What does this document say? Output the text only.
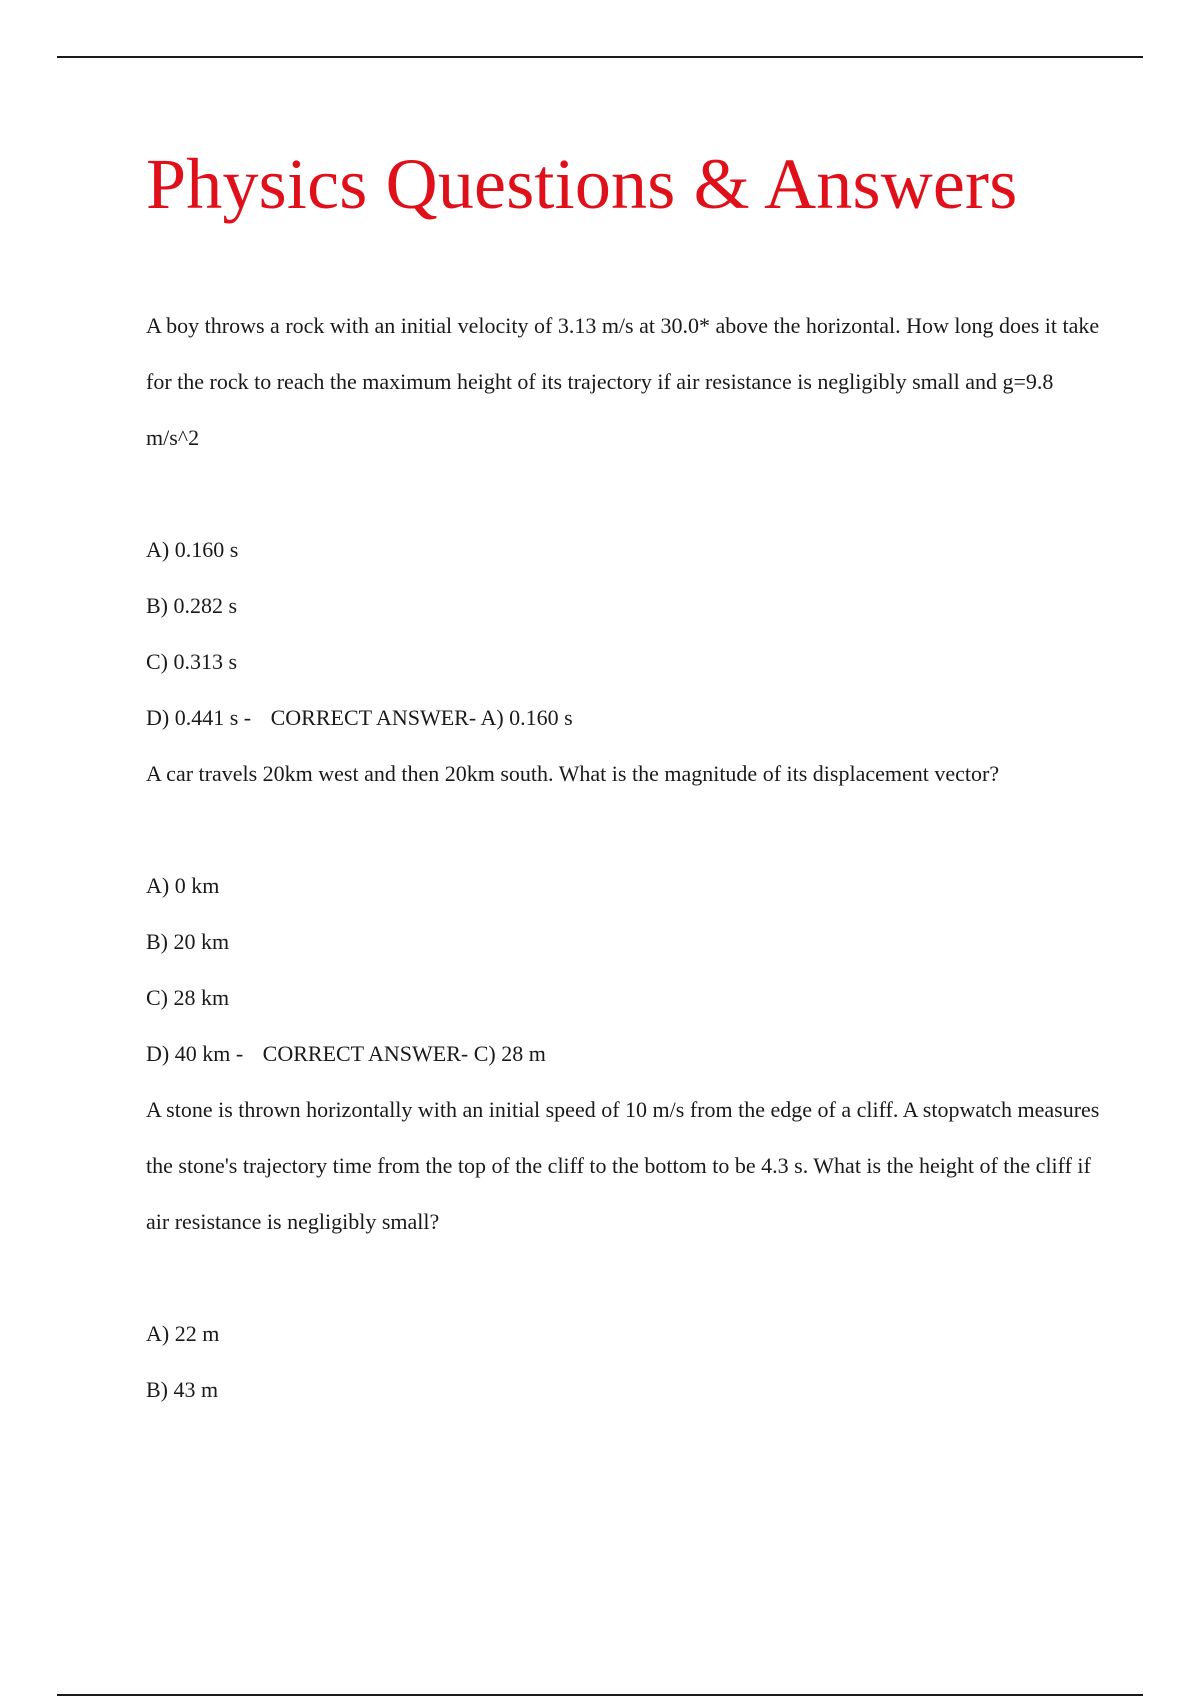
Physics Questions & Answers

A boy throws a rock with an initial velocity of 3.13 m/s at 30.0* above the horizontal. How long does it take for the rock to reach the maximum height of its trajectory if air resistance is negligibly small and g=9.8 m/s^2

A) 0.160 s
B) 0.282 s
C) 0.313 s
D) 0.441 s - CORRECT ANSWER- A) 0.160 s

A car travels 20km west and then 20km south. What is the magnitude of its displacement vector?

A) 0 km
B) 20 km
C) 28 km
D) 40 km - CORRECT ANSWER- C) 28 m

A stone is thrown horizontally with an initial speed of 10 m/s from the edge of a cliff. A stopwatch measures the stone's trajectory time from the top of the cliff to the bottom to be 4.3 s. What is the height of the cliff if air resistance is negligibly small?

A) 22 m
B) 43 m
